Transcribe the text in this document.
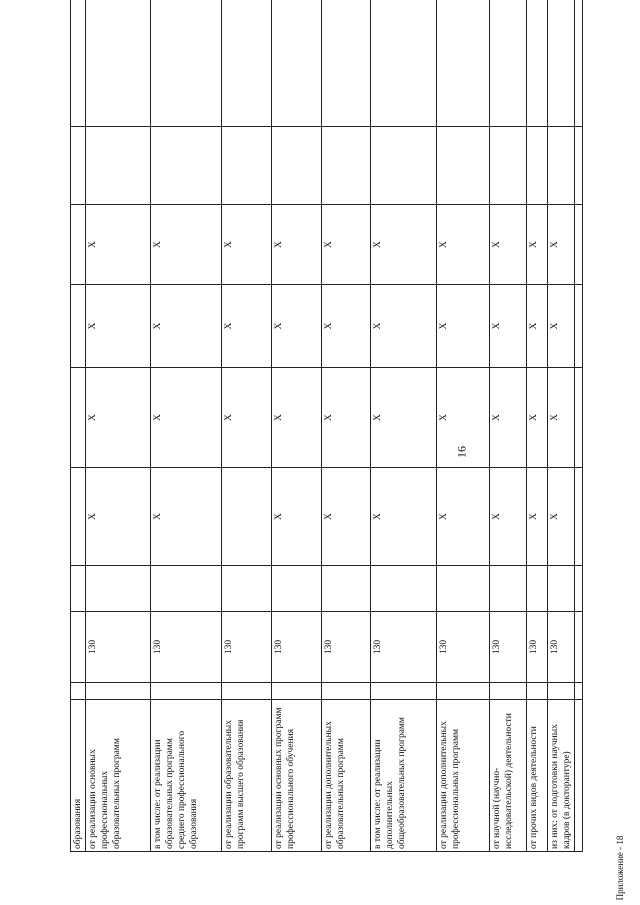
16
образования									
от реализации основных профессиональных образовательных программ		130		X	X	X	X		
в том числе: от реализации образовательных программ среднего профессионального образования		130		X	X	X	X		
от реализации образовательных программ высшего образования		130			X	X	X		
от реализации основных программ профессионального обучения		130		X	X	X	X		
от реализации дополнительных образовательных программ		130		X	X	X	X		
в том числе: от реализации дополнительных общеобразовательных программ		130		X	X	X	X		
от реализации дополнительных профессиональных программ		130		X	X	X	X		
от научной (научно-исследовательской) деятельности		130		X	X	X	X		
от прочих видов деятельности		130		X	X	X	X		
из них: от подготовки научных кадров (в докторантуре)		130		X	X	X	X		

Приложение - 18
